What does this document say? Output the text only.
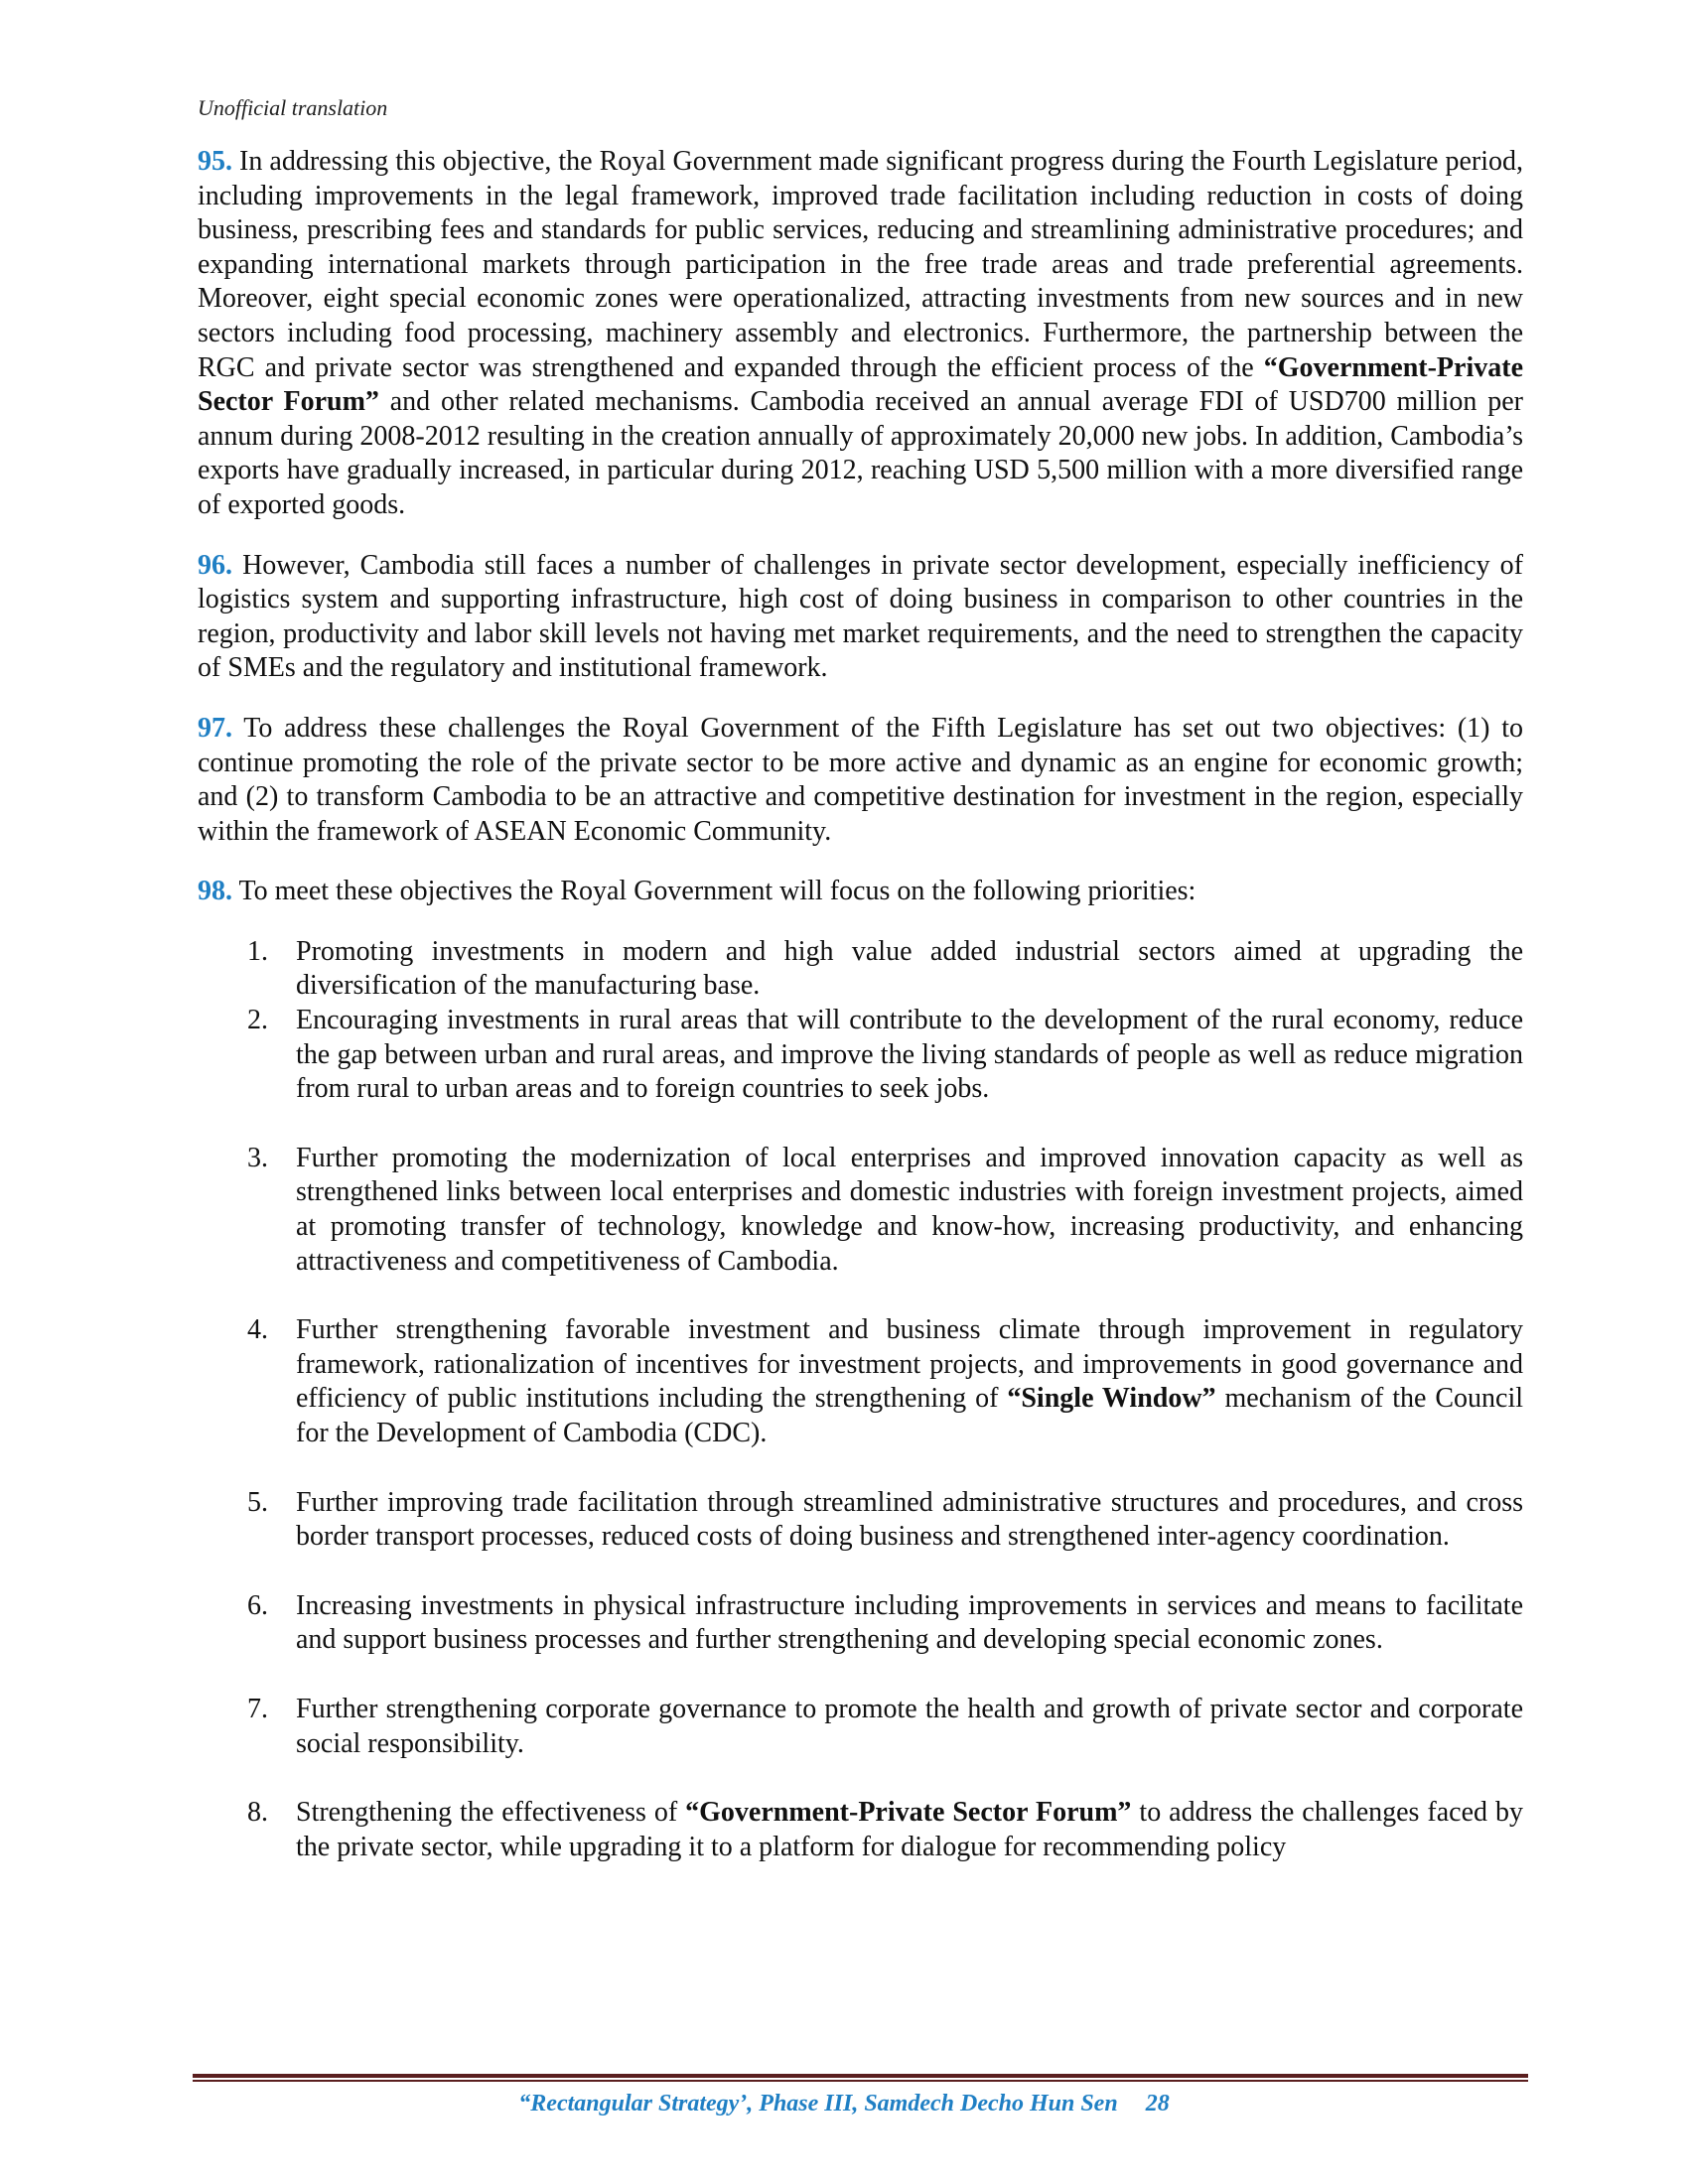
Unofficial translation

95. In addressing this objective, the Royal Government made significant progress during the Fourth Legislature period, including improvements in the legal framework, improved trade facilitation including reduction in costs of doing business, prescribing fees and standards for public services, reducing and streamlining administrative procedures; and expanding international markets through participation in the free trade areas and trade preferential agreements. Moreover, eight special economic zones were operationalized, attracting investments from new sources and in new sectors including food processing, machinery assembly and electronics. Furthermore, the partnership between the RGC and private sector was strengthened and expanded through the efficient process of the “Government-Private Sector Forum” and other related mechanisms. Cambodia received an annual average FDI of USD700 million per annum during 2008-2012 resulting in the creation annually of approximately 20,000 new jobs. In addition, Cambodia’s exports have gradually increased, in particular during 2012, reaching USD 5,500 million with a more diversified range of exported goods.

96. However, Cambodia still faces a number of challenges in private sector development, especially inefficiency of logistics system and supporting infrastructure, high cost of doing business in comparison to other countries in the region, productivity and labor skill levels not having met market requirements, and the need to strengthen the capacity of SMEs and the regulatory and institutional framework.

97. To address these challenges the Royal Government of the Fifth Legislature has set out two objectives: (1) to continue promoting the role of the private sector to be more active and dynamic as an engine for economic growth; and (2) to transform Cambodia to be an attractive and competitive destination for investment in the region, especially within the framework of ASEAN Economic Community.

98. To meet these objectives the Royal Government will focus on the following priorities:

1.	Promoting investments in modern and high value added industrial sectors aimed at upgrading the diversification of the manufacturing base.
2.	Encouraging investments in rural areas that will contribute to the development of the rural economy, reduce the gap between urban and rural areas, and improve the living standards of people as well as reduce migration from rural to urban areas and to foreign countries to seek jobs.
3.	Further promoting the modernization of local enterprises and improved innovation capacity as well as strengthened links between local enterprises and domestic industries with foreign investment projects, aimed at promoting transfer of technology, knowledge and know-how, increasing productivity, and enhancing attractiveness and competitiveness of Cambodia.
4.	Further strengthening favorable investment and business climate through improvement in regulatory framework, rationalization of incentives for investment projects, and improvements in good governance and efficiency of public institutions including the strengthening of “Single Window” mechanism of the Council for the Development of Cambodia (CDC).
5.	Further improving trade facilitation through streamlined administrative structures and procedures, and cross border transport processes, reduced costs of doing business and strengthened inter-agency coordination.
6.	Increasing investments in physical infrastructure including improvements in services and means to facilitate and support business processes and further strengthening and developing special economic zones.
7.	Further strengthening corporate governance to promote the health and growth of private sector and corporate social responsibility.
8.	Strengthening the effectiveness of “Government-Private Sector Forum” to address the challenges faced by the private sector, while upgrading it to a platform for dialogue for recommending policy
“Rectangular Strategy’, Phase III, Samdech Decho Hun Sen 28
